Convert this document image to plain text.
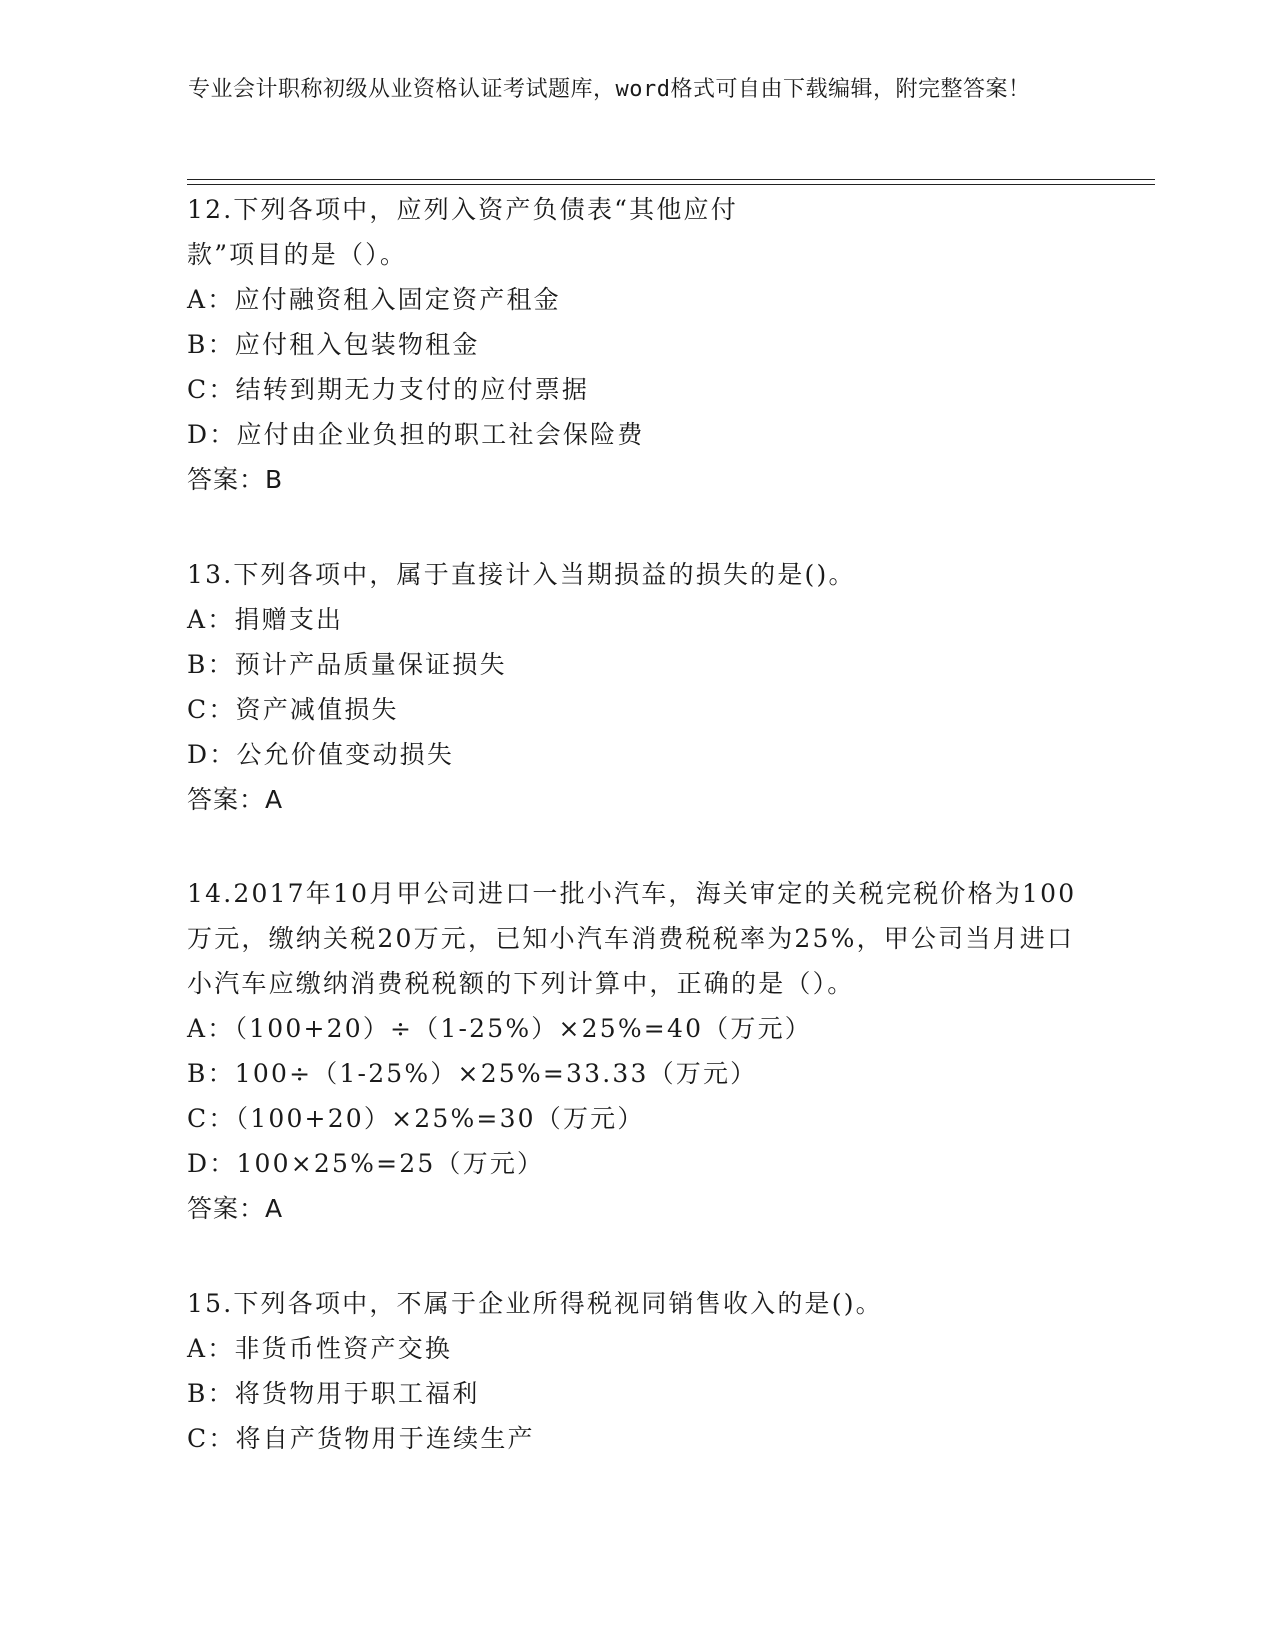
专业会计职称初级从业资格认证考试题库，word格式可自由下载编辑，附完整答案！
12.下列各项中，应列入资产负债表“其他应付款”项目的是（）。
A：应付融资租入固定资产租金
B：应付租入包装物租金
C：结转到期无力支付的应付票据
D：应付由企业负担的职工社会保险费
答案：B
13.下列各项中，属于直接计入当期损益的损失的是()。
A：捐赠支出
B：预计产品质量保证损失
C：资产减值损失
D：公允价值变动损失
答案：A
14.2017年10月甲公司进口一批小汽车，海关审定的关税完税价格为100万元，缴纳关税20万元，已知小汽车消费税税率为25%，甲公司当月进口小汽车应缴纳消费税税额的下列计算中，正确的是（）。
A：（100+20）÷（1-25%）×25%=40（万元）
B：100÷（1-25%）×25%=33.33（万元）
C：（100+20）×25%=30（万元）
D：100×25%=25（万元）
答案：A
15.下列各项中，不属于企业所得税视同销售收入的是()。
A：非货币性资产交换
B：将货物用于职工福利
C：将自产货物用于连续生产
